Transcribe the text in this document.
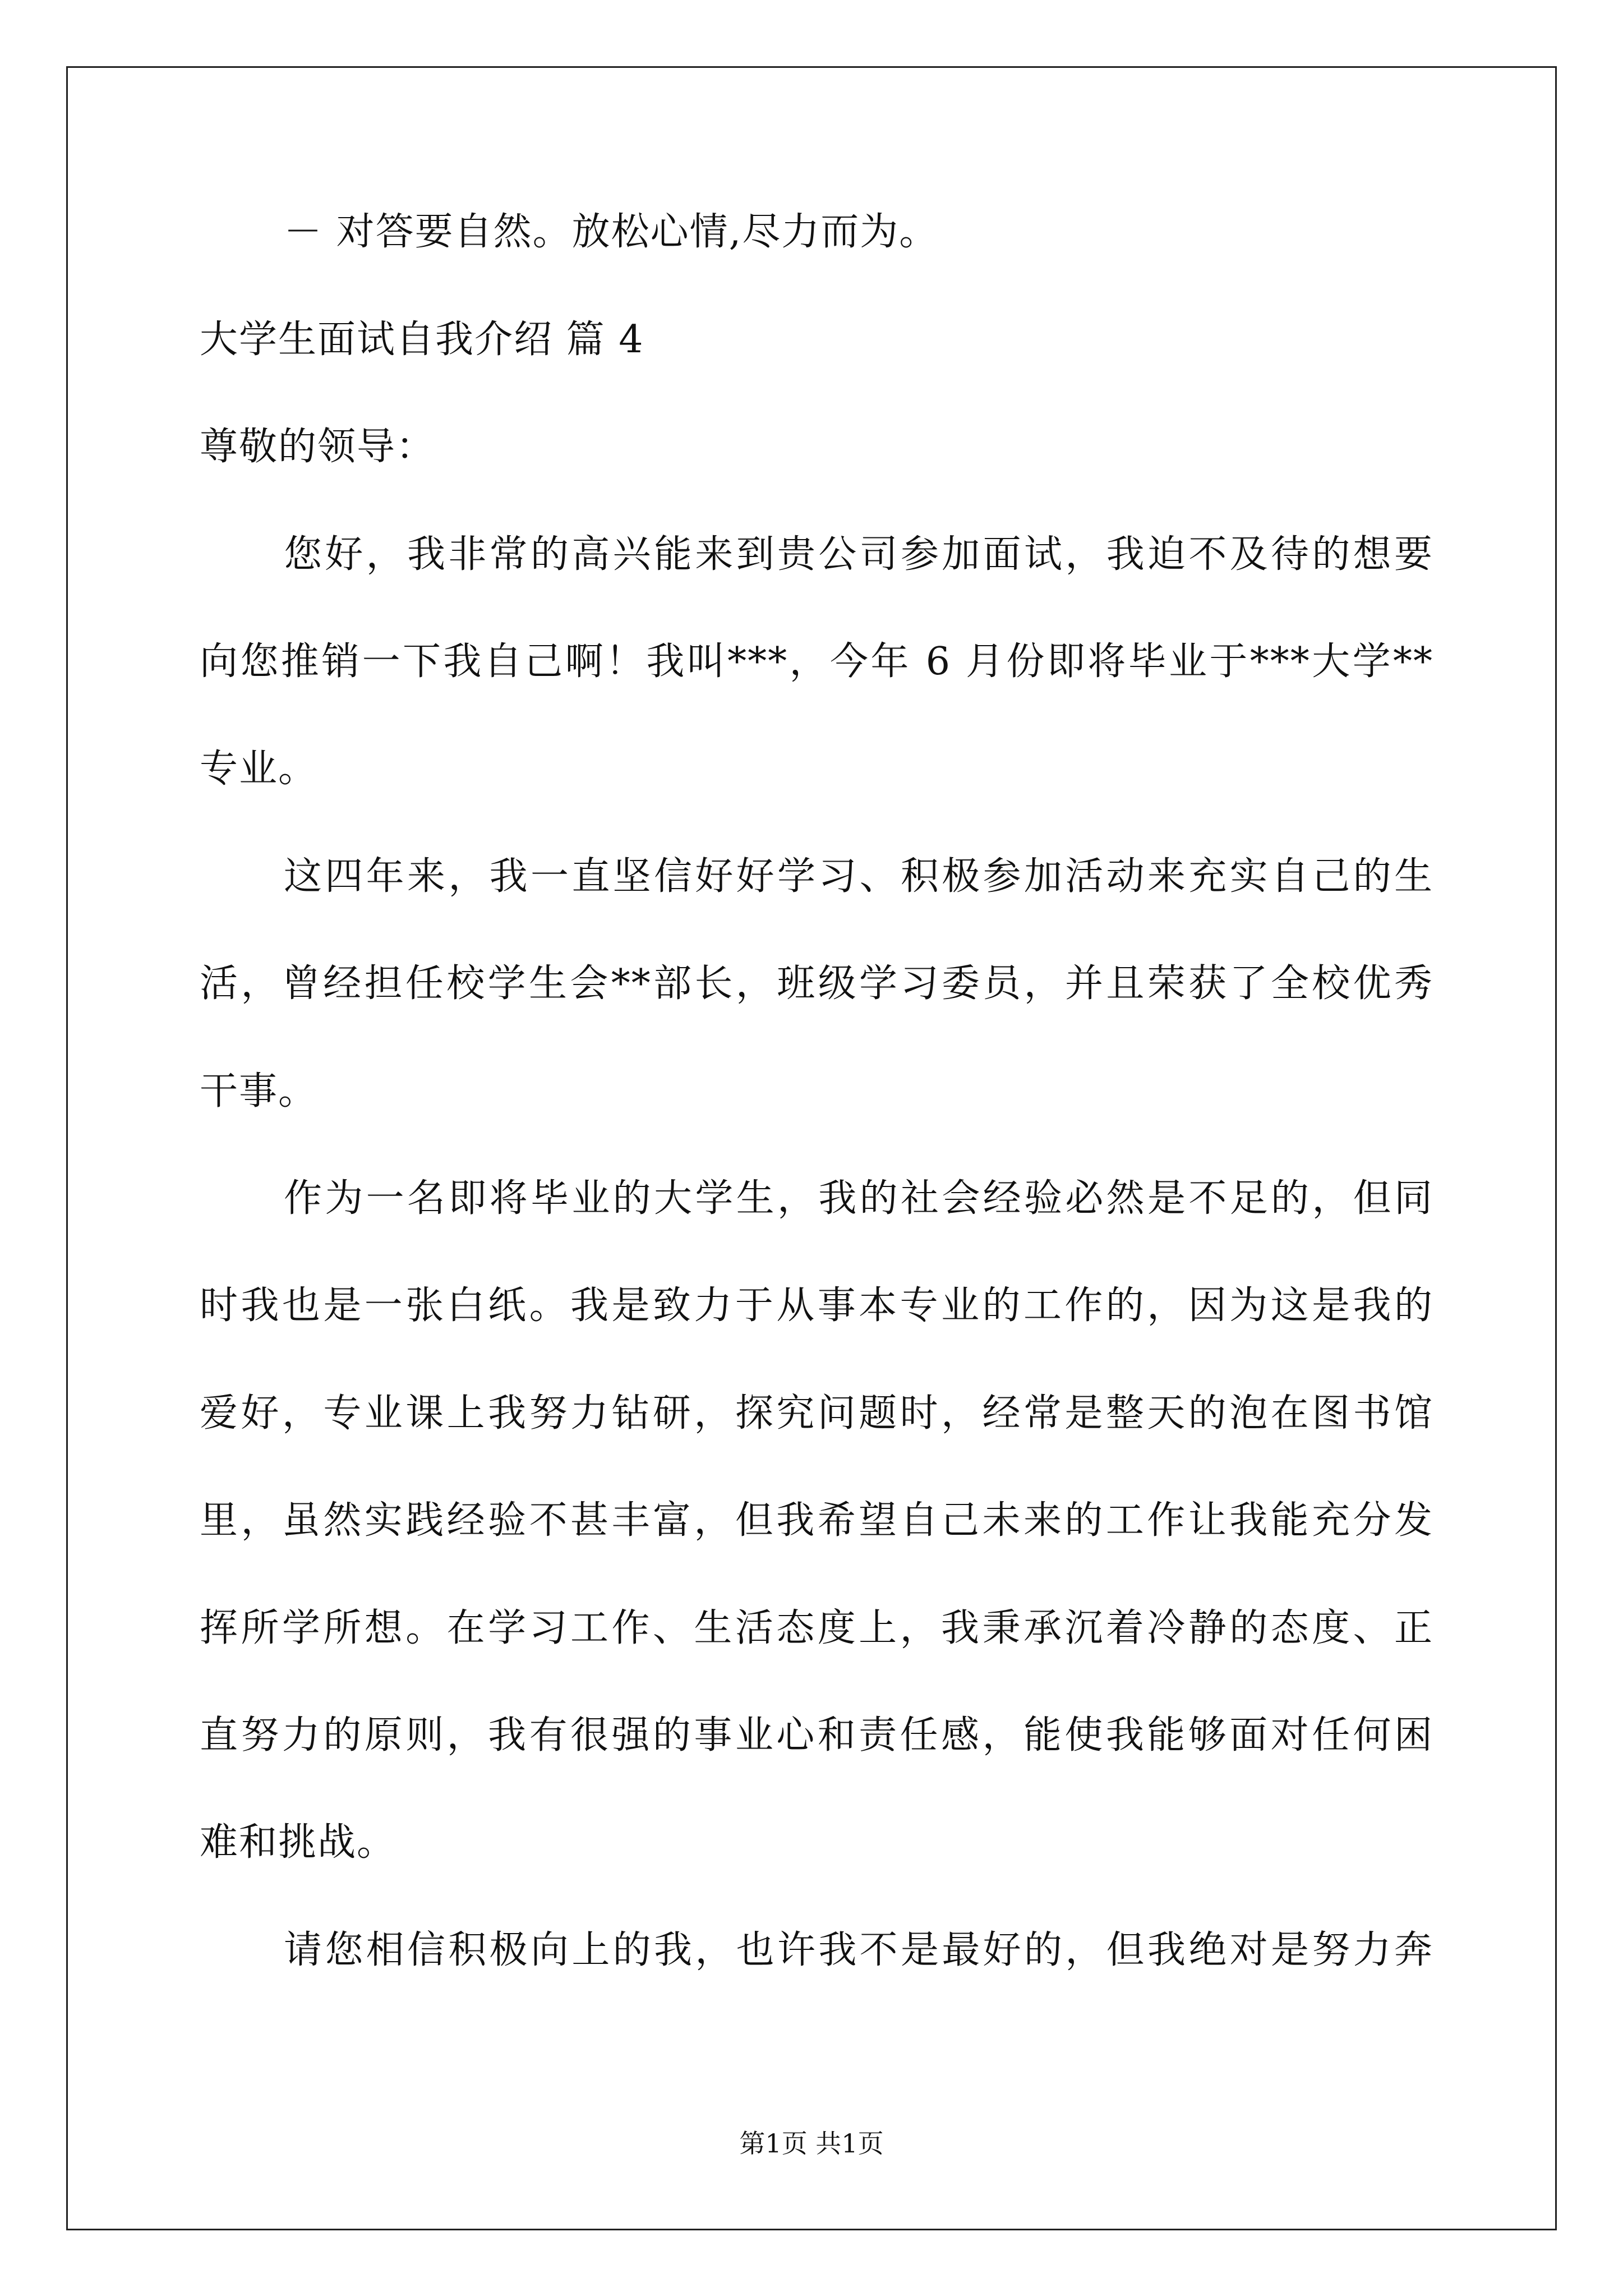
－ 对答要自然。放松心情,尽力而为。
大学生面试自我介绍 篇 4
尊敬的领导：
您好，我非常的高兴能来到贵公司参加面试，我迫不及待的想要
向您推销一下我自己啊！我叫***，今年 6 月份即将毕业于***大学**
专业。
这四年来，我一直坚信好好学习、积极参加活动来充实自己的生
活，曾经担任校学生会**部长，班级学习委员，并且荣获了全校优秀
干事。
作为一名即将毕业的大学生，我的社会经验必然是不足的，但同
时我也是一张白纸。我是致力于从事本专业的工作的，因为这是我的
爱好，专业课上我努力钻研，探究问题时，经常是整天的泡在图书馆
里，虽然实践经验不甚丰富，但我希望自己未来的工作让我能充分发
挥所学所想。在学习工作、生活态度上，我秉承沉着冷静的态度、正
直努力的原则，我有很强的事业心和责任感，能使我能够面对任何困
难和挑战。
请您相信积极向上的我，也许我不是最好的，但我绝对是努力奔
第1页 共1页
